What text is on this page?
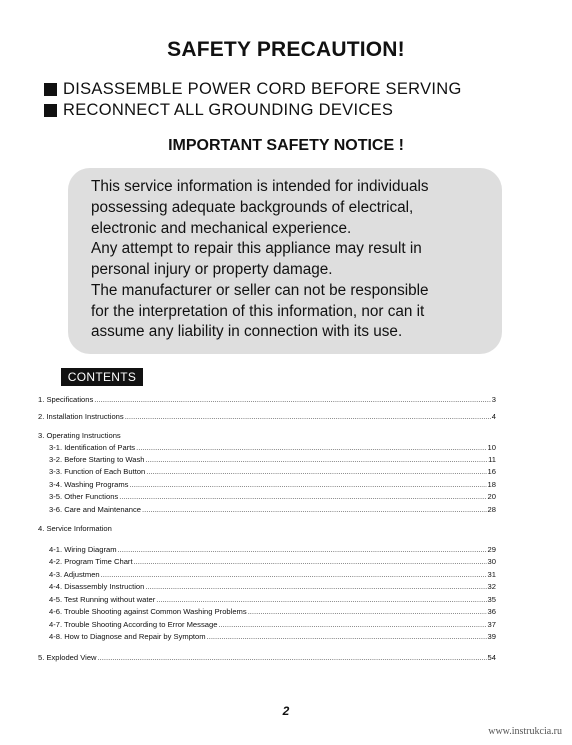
SAFETY PRECAUTION!
DISASSEMBLE POWER CORD BEFORE SERVING
RECONNECT ALL GROUNDING DEVICES
IMPORTANT SAFETY NOTICE !
This service information is intended for individuals
possessing adequate backgrounds of electrical,
electronic and mechanical experience.
Any attempt to repair this appliance may result in
personal injury or property damage.
The manufacturer or seller can not be responsible
for the interpretation of this information, nor can it
assume any liability in connection with its use.
CONTENTS
1. Specifications .....	3
2. Installation Instructions .....	4
3. Operating Instructions
3-1. Identification of Parts .....	10
3-2. Before Starting to Wash .....	11
3-3. Function of Each Button .....	16
3-4. Washing Programs .....	18
3-5. Other Functions .....	20
3-6. Care and Maintenance .....	28
4. Service Information
4-1. Wiring Diagram .....	29
4-2. Program Time Chart .....	30
4-3. Adjustmen .....	31
4-4. Disassembly Instruction .....	32
4-5. Test Running without water .....	35
4-6. Trouble Shooting against Common Washing Problems .....	36
4-7. Trouble Shooting According to Error Message .....	37
4-8. How to Diagnose and Repair by Symptom .....	39
5. Exploded View .....	54
2
www.instrukcia.ru
